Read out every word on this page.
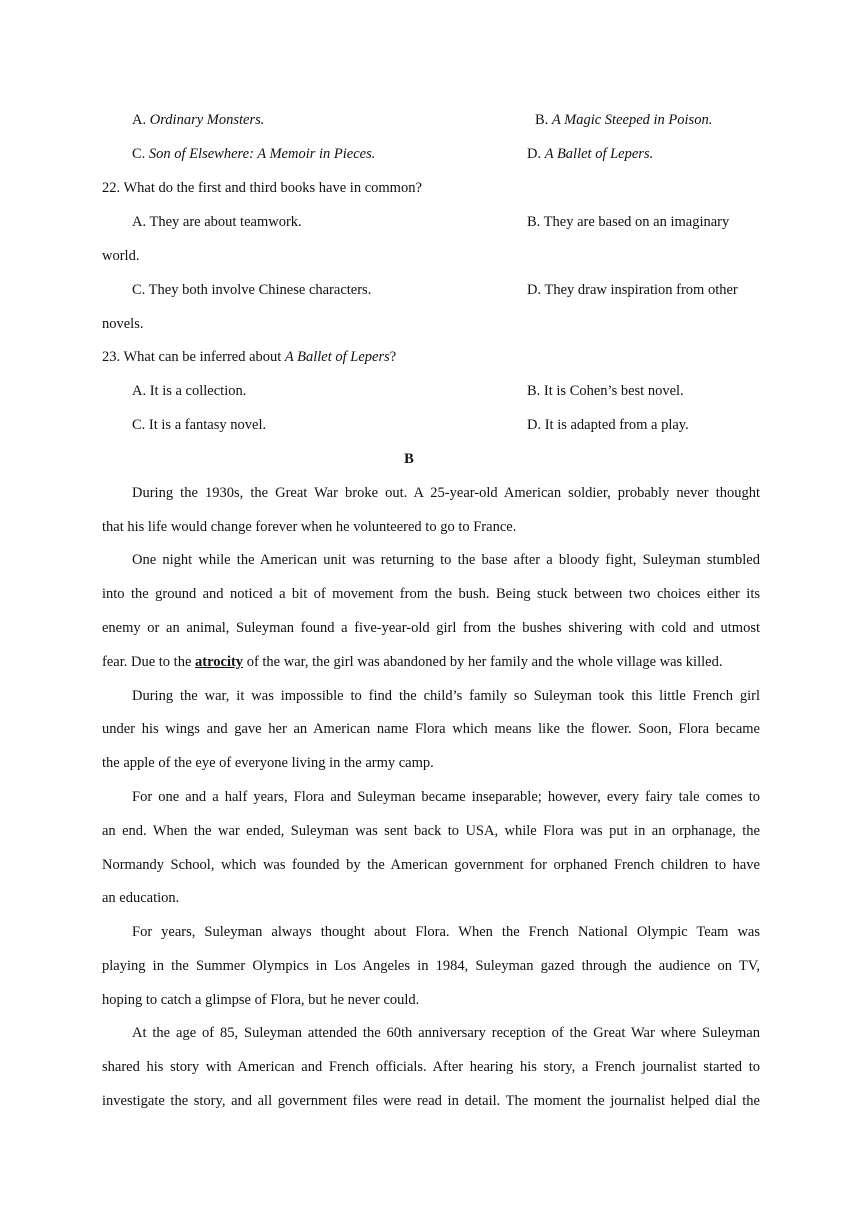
A. Ordinary Monsters.	B. A Magic Steeped in Poison.
C. Son of Elsewhere: A Memoir in Pieces.	D. A Ballet of Lepers.
22. What do the first and third books have in common?
A. They are about teamwork.	B. They are based on an imaginary
world.
C. They both involve Chinese characters.	D. They draw inspiration from other
novels.
23. What can be inferred about A Ballet of Lepers?
A. It is a collection.	B. It is Cohen’s best novel.
C. It is a fantasy novel.	D. It is adapted from a play.
B
During the 1930s, the Great War broke out. A 25-year-old American soldier, probably never thought
that his life would change forever when he volunteered to go to France.
One night while the American unit was returning to the base after a bloody fight, Suleyman stumbled
into the ground and noticed a bit of movement from the bush. Being stuck between two choices either its
enemy or an animal, Suleyman found a five-year-old girl from the bushes shivering with cold and utmost
fear. Due to the atrocity of the war, the girl was abandoned by her family and the whole village was killed.
During the war, it was impossible to find the child’s family so Suleyman took this little French girl
under his wings and gave her an American name Flora which means like the flower. Soon, Flora became
the apple of the eye of everyone living in the army camp.
For one and a half years, Flora and Suleyman became inseparable; however, every fairy tale comes to
an end. When the war ended, Suleyman was sent back to USA, while Flora was put in an orphanage, the
Normandy School, which was founded by the American government for orphaned French children to have
an education.
For years, Suleyman always thought about Flora. When the French National Olympic Team was
playing in the Summer Olympics in Los Angeles in 1984, Suleyman gazed through the audience on TV,
hoping to catch a glimpse of Flora, but he never could.
At the age of 85, Suleyman attended the 60th anniversary reception of the Great War where Suleyman
shared his story with American and French officials. After hearing his story, a French journalist started to
investigate the story, and all government files were read in detail. The moment the journalist helped dial the
